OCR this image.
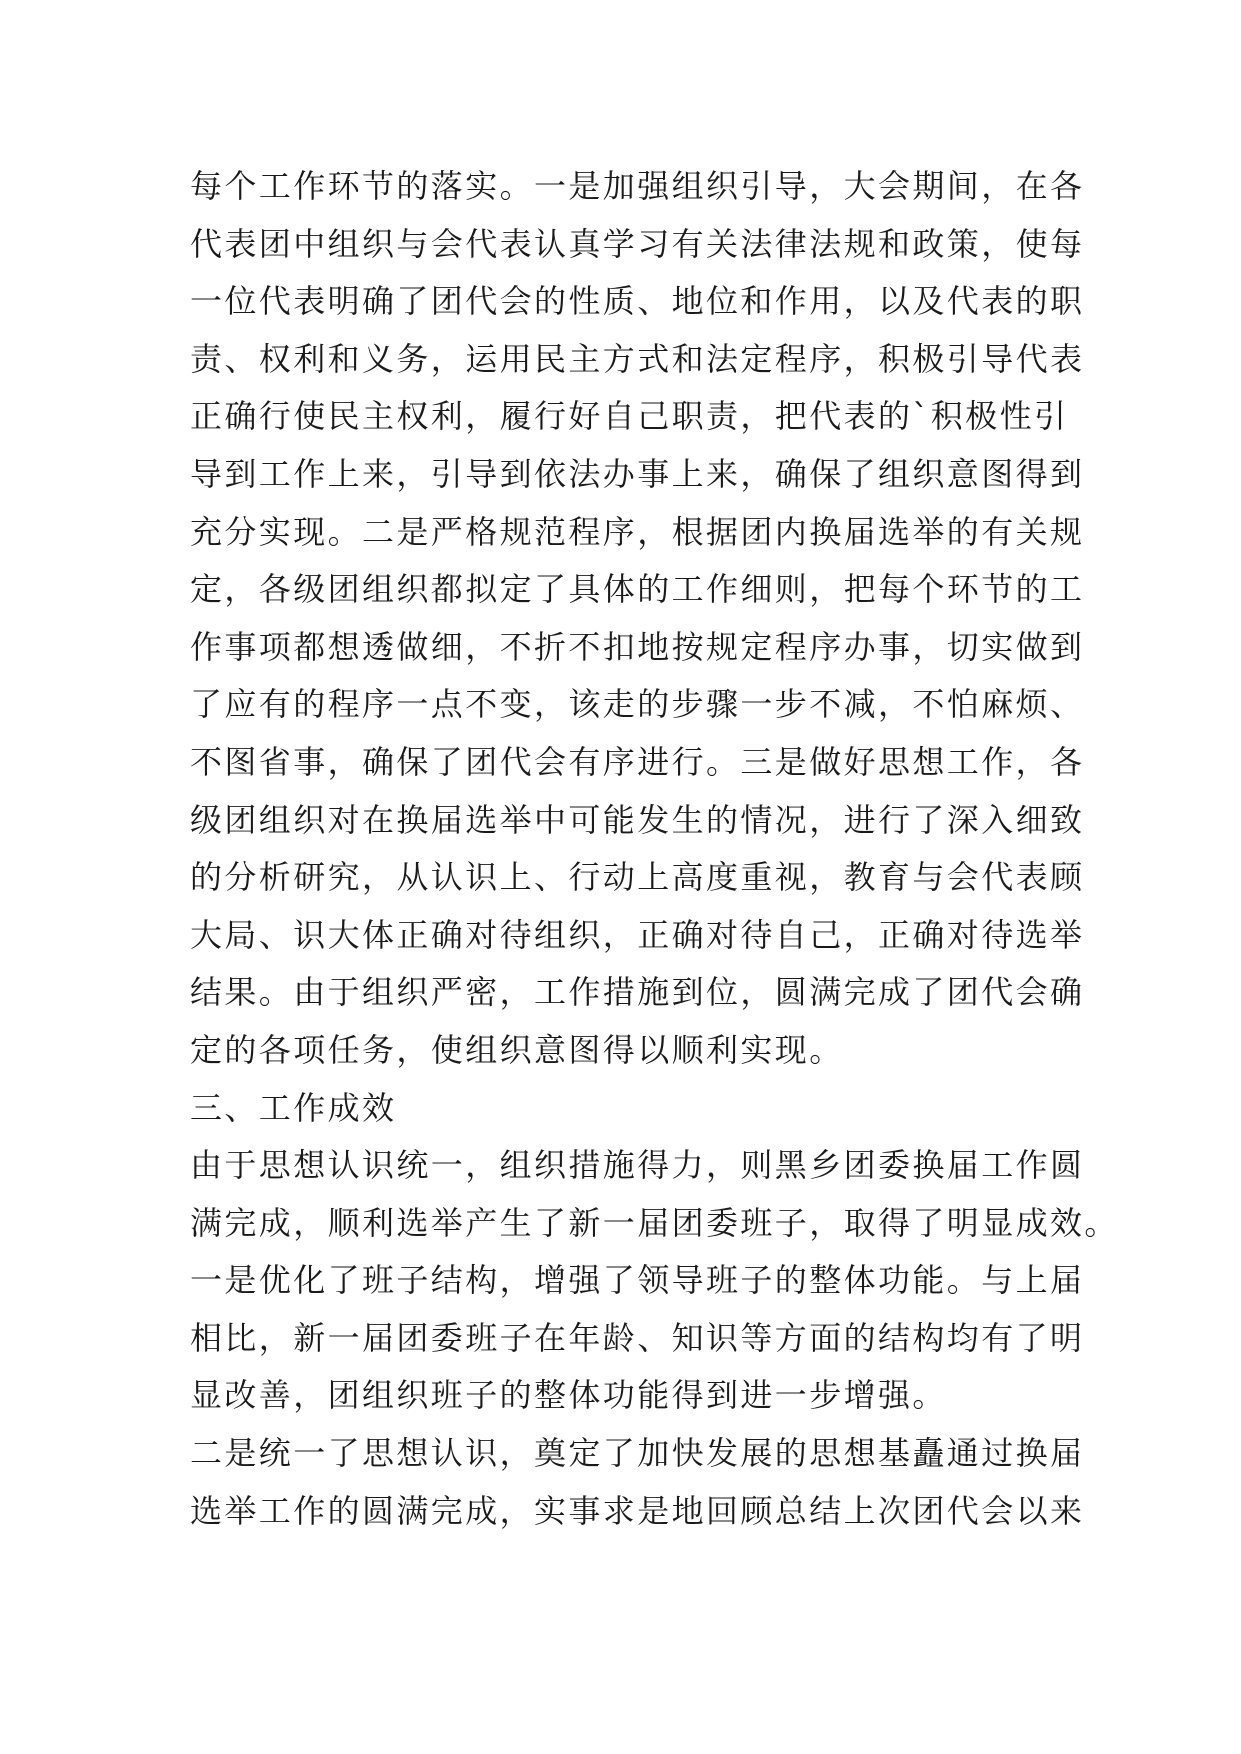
每个工作环节的落实。一是加强组织引导，大会期间，在各
代表团中组织与会代表认真学习有关法律法规和政策，使每
一位代表明确了团代会的性质、地位和作用，以及代表的职
责、权利和义务，运用民主方式和法定程序，积极引导代表
正确行使民主权利，履行好自己职责，把代表的`积极性引
导到工作上来，引导到依法办事上来，确保了组织意图得到
充分实现。二是严格规范程序，根据团内换届选举的有关规
定，各级团组织都拟定了具体的工作细则，把每个环节的工
作事项都想透做细，不折不扣地按规定程序办事，切实做到
了应有的程序一点不变，该走的步骤一步不减，不怕麻烦、
不图省事，确保了团代会有序进行。三是做好思想工作，各
级团组织对在换届选举中可能发生的情况，进行了深入细致
的分析研究，从认识上、行动上高度重视，教育与会代表顾
大局、识大体正确对待组织，正确对待自己，正确对待选举
结果。由于组织严密，工作措施到位，圆满完成了团代会确
定的各项任务，使组织意图得以顺利实现。
三、工作成效
由于思想认识统一，组织措施得力，则黑乡团委换届工作圆
满完成，顺利选举产生了新一届团委班子，取得了明显成效。
一是优化了班子结构，增强了领导班子的整体功能。与上届
相比，新一届团委班子在年龄、知识等方面的结构均有了明
显改善，团组织班子的整体功能得到进一步增强。
二是统一了思想认识，奠定了加快发展的思想基矗通过换届
选举工作的圆满完成，实事求是地回顾总结上次团代会以来
